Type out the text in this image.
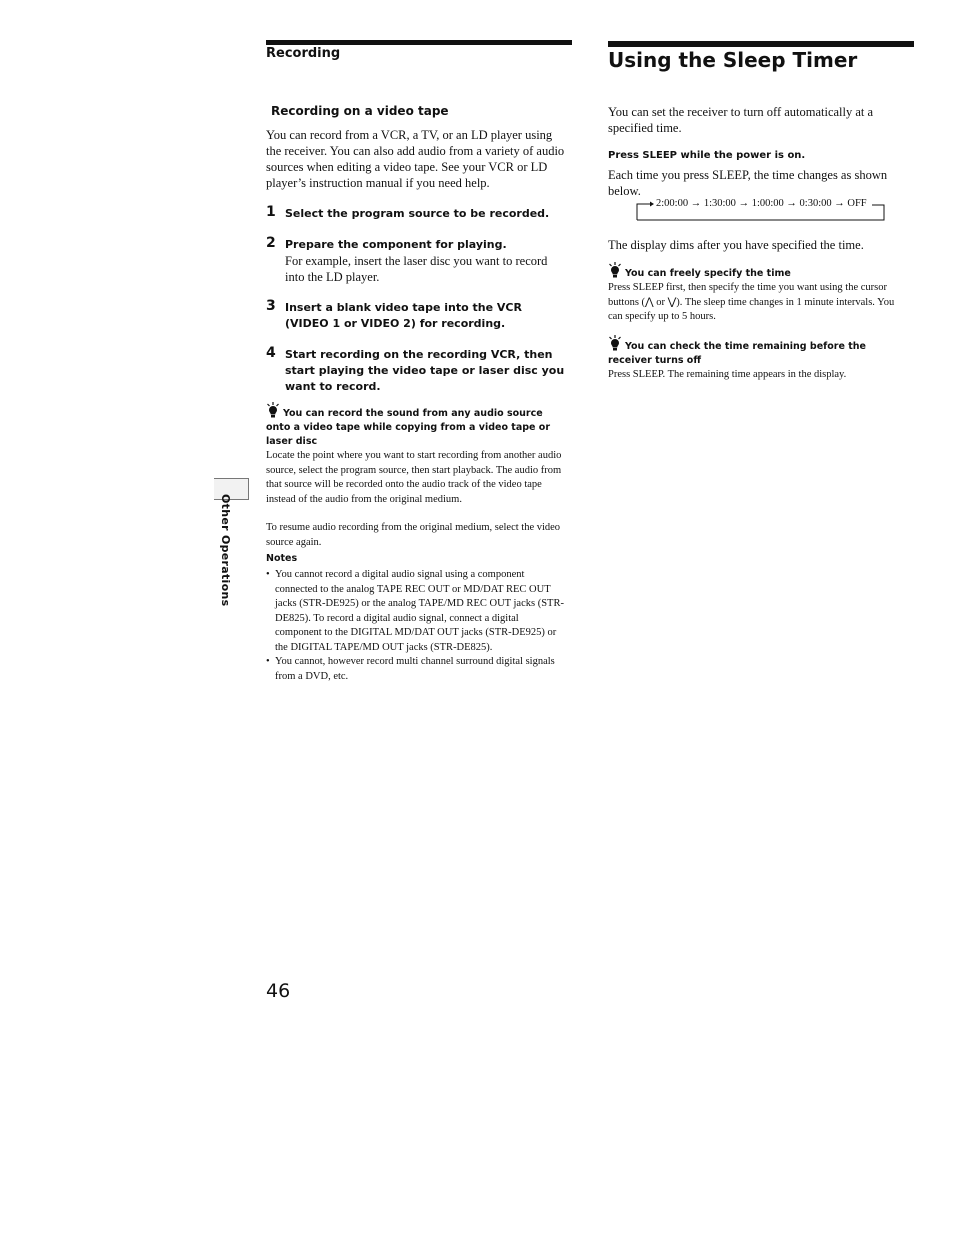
Recording
Recording on a video tape

You can record from a VCR, a TV, or an LD player using the receiver. You can also add audio from a variety of audio sources when editing a video tape. See your VCR or LD player’s instruction manual if you need help.

1 Select the program source to be recorded.
2 Prepare the component for playing.
For example, insert the laser disc you want to record into the LD player.
3 Insert a blank video tape into the VCR (VIDEO 1 or VIDEO 2) for recording.
4 Start recording on the recording VCR, then start playing the video tape or laser disc you want to record.
You can record the sound from any audio source onto a video tape while copying from a video tape or laser disc

Locate the point where you want to start recording from another audio source, select the program source, then start playback. The audio from that source will be recorded onto the audio track of the video tape instead of the audio from the original medium.

To resume audio recording from the original medium, select the video source again.

Notes
• You cannot record a digital audio signal using a component connected to the analog TAPE REC OUT or MD/DAT REC OUT jacks (STR-DE925) or the analog TAPE/MD REC OUT jacks (STR-DE825). To record a digital audio signal, connect a digital component to the DIGITAL MD/DAT OUT jacks (STR-DE925) or the DIGITAL TAPE/MD OUT jacks (STR-DE825).
• You cannot, however record multi channel surround digital signals from a DVD, etc.
Other Operations
46
Using the Sleep Timer

You can set the receiver to turn off automatically at a specified time.

Press SLEEP while the power is on.

Each time you press SLEEP, the time changes as shown below.

2:00:00 → 1:30:00 → 1:00:00 → 0:30:00 → OFF

The display dims after you have specified the time.

You can freely specify the time

Press SLEEP first, then specify the time you want using the cursor buttons (⋀ or ⋁). The sleep time changes in 1 minute intervals. You can specify up to 5 hours.

You can check the time remaining before the receiver turns off

Press SLEEP. The remaining time appears in the display.
